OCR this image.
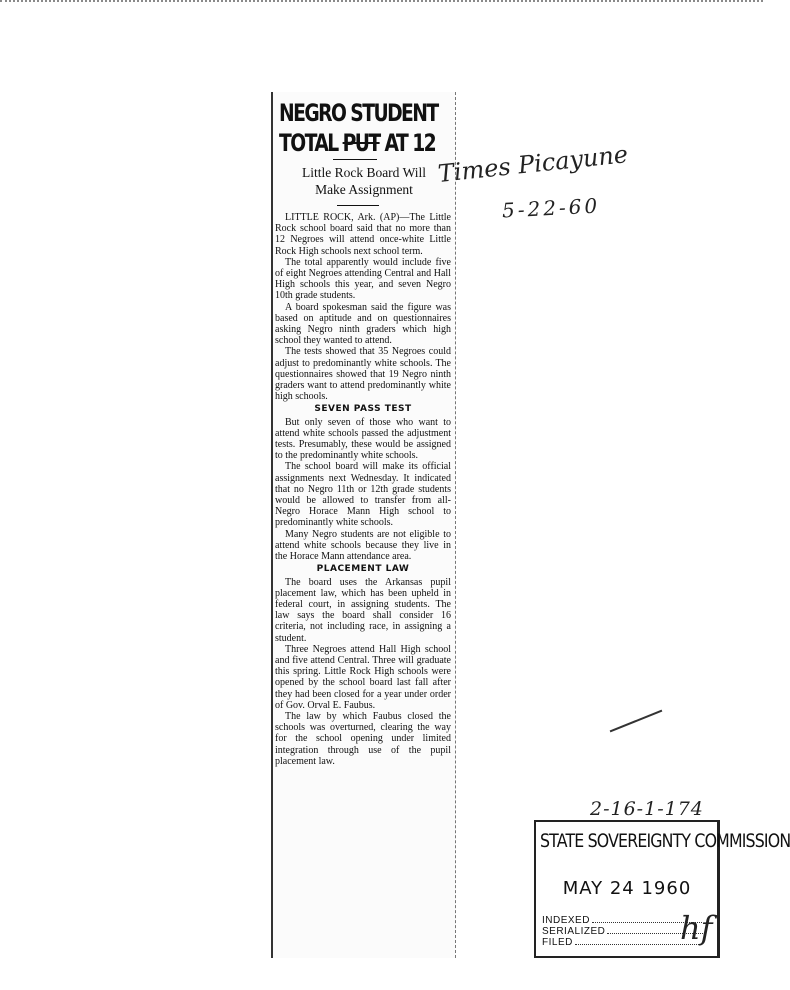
NEGRO STUDENT
TOTAL PUT AT 12
Little Rock Board Will
Make Assignment

LITTLE ROCK, Ark. (AP)—The Little Rock school board said that no more than 12 Negroes will attend once-white Little Rock High schools next school term.

The total apparently would include five of eight Negroes attending Central and Hall High schools this year, and seven Negro 10th grade students.

A board spokesman said the figure was based on aptitude and on questionnaires asking Negro ninth graders which high school they wanted to attend.

The tests showed that 35 Negroes could adjust to predominantly white schools. The questionnaires showed that 19 Negro ninth graders want to attend predominantly white high schools.

SEVEN PASS TEST

But only seven of those who want to attend white schools passed the adjustment tests. Presumably, these would be assigned to the predominantly white schools.

The school board will make its official assignments next Wednesday. It indicated that no Negro 11th or 12th grade students would be allowed to transfer from all-Negro Horace Mann High school to predominantly white schools.

Many Negro students are not eligible to attend white schools because they live in the Horace Mann attendance area.

PLACEMENT LAW

The board uses the Arkansas pupil placement law, which has been upheld in federal court, in assigning students. The law says the board shall consider 16 criteria, not including race, in assigning a student.

Three Negroes attend Hall High school and five attend Central. Three will graduate this spring. Little Rock High schools were opened by the school board last fall after they had been closed for a year under order of Gov. Orval E. Faubus.

The law by which Faubus closed the schools was overturned, clearing the way for the school opening under limited integration through use of the pupil placement law.

Times Picayune
5-22-60
2-16-1-174
STATE SOVEREIGNTY COMMISSION
MAY 24 1960
INDEXED
SERIALIZED
FILED	hf
